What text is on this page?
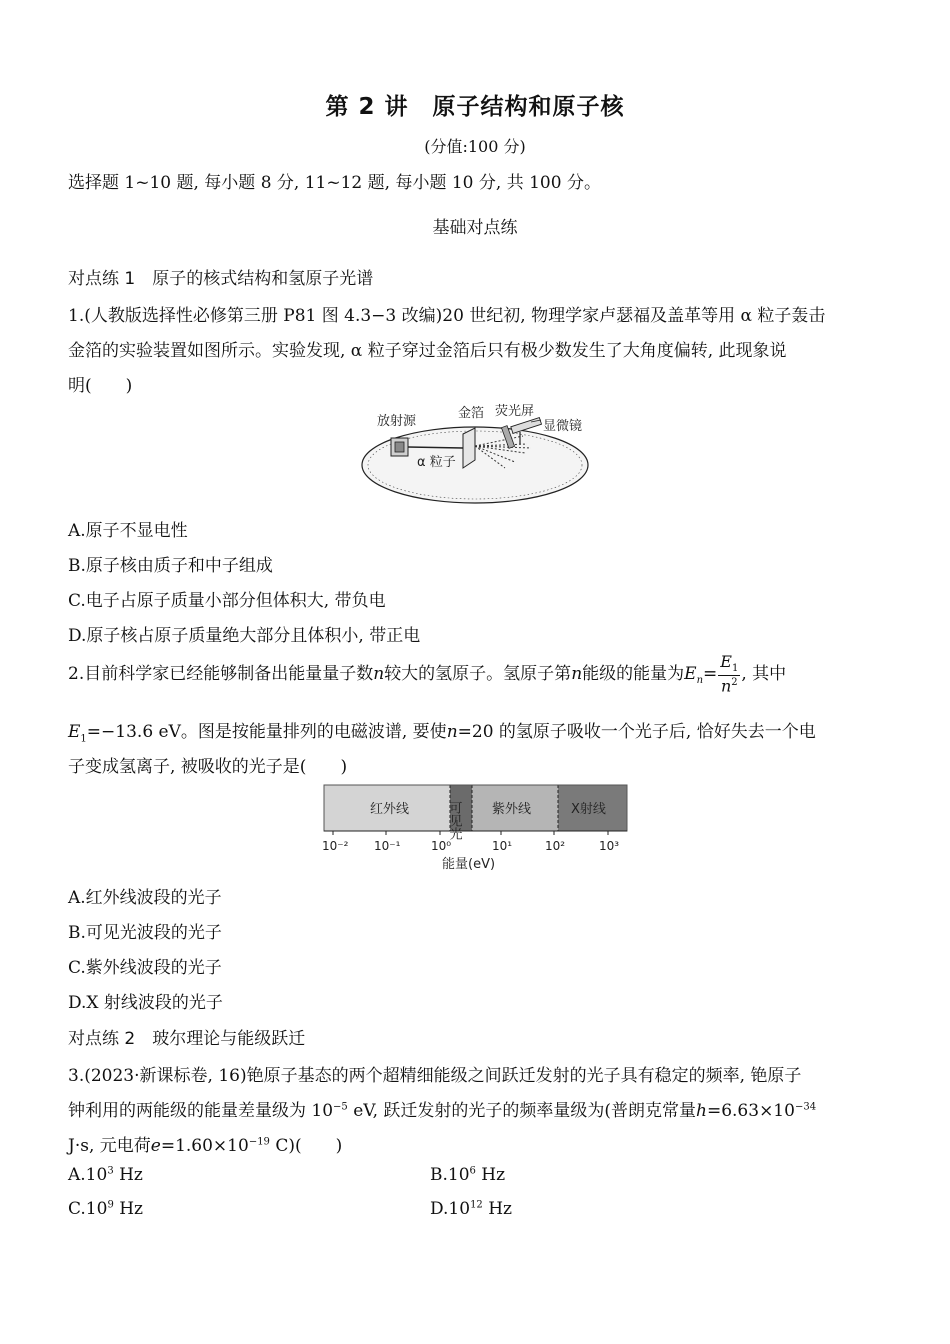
第 2 讲　原子结构和原子核
(分值:100 分)
选择题 1~10 题, 每小题 8 分, 11~12 题, 每小题 10 分, 共 100 分。
基础对点练
对点练 1　原子的核式结构和氢原子光谱
1.(人教版选择性必修第三册 P81 图 4.3−3 改编)20 世纪初, 物理学家卢瑟福及盖革等用 α 粒子轰击
金箔的实验装置如图所示。实验发现, α 粒子穿过金箔后只有极少数发生了大角度偏转, 此现象说
明(　　)
放射源
金箔 荧光屏
显微镜
α 粒子
A.原子不显电性
B.原子核由质子和中子组成
C.电子占原子质量小部分但体积大, 带负电
D.原子核占原子质量绝大部分且体积小, 带正电
2.目前科学家已经能够制备出能量量子数n较大的氢原子。氢原子第n能级的能量为$E_n= \frac{E_1}{n^2}$ , 其中
$E_1=-13.6$ eV。图是按能量排列的电磁波谱, 要使n=20 的氢原子吸收一个光子后, 恰好失去一个电
子变成氢离子, 被吸收的光子是(　　)
红外线	可见光 紫外线	X射线
10⁻² 10⁻¹	10⁰	10¹	10²	10³
能量(eV)
A.红外线波段的光子
B.可见光波段的光子
C.紫外线波段的光子
D.X 射线波段的光子
对点练 2　玻尔理论与能级跃迁
3.(2023·新课标卷, 16)铯原子基态的两个超精细能级之间跃迁发射的光子具有稳定的频率, 铯原子
钟利用的两能级的能量差量级为 $10^{-5}$ eV, 跃迁发射的光子的频率量级为(普朗克常量$h=6.63\times 10^{-34}$
J·s, 元电荷$e=1.60\times 10^{-19}$ C)(　　)
$A.10^3$ Hz	$B.10^6$ Hz
$C.10^9$ Hz	$D.10^{12}$ Hz
